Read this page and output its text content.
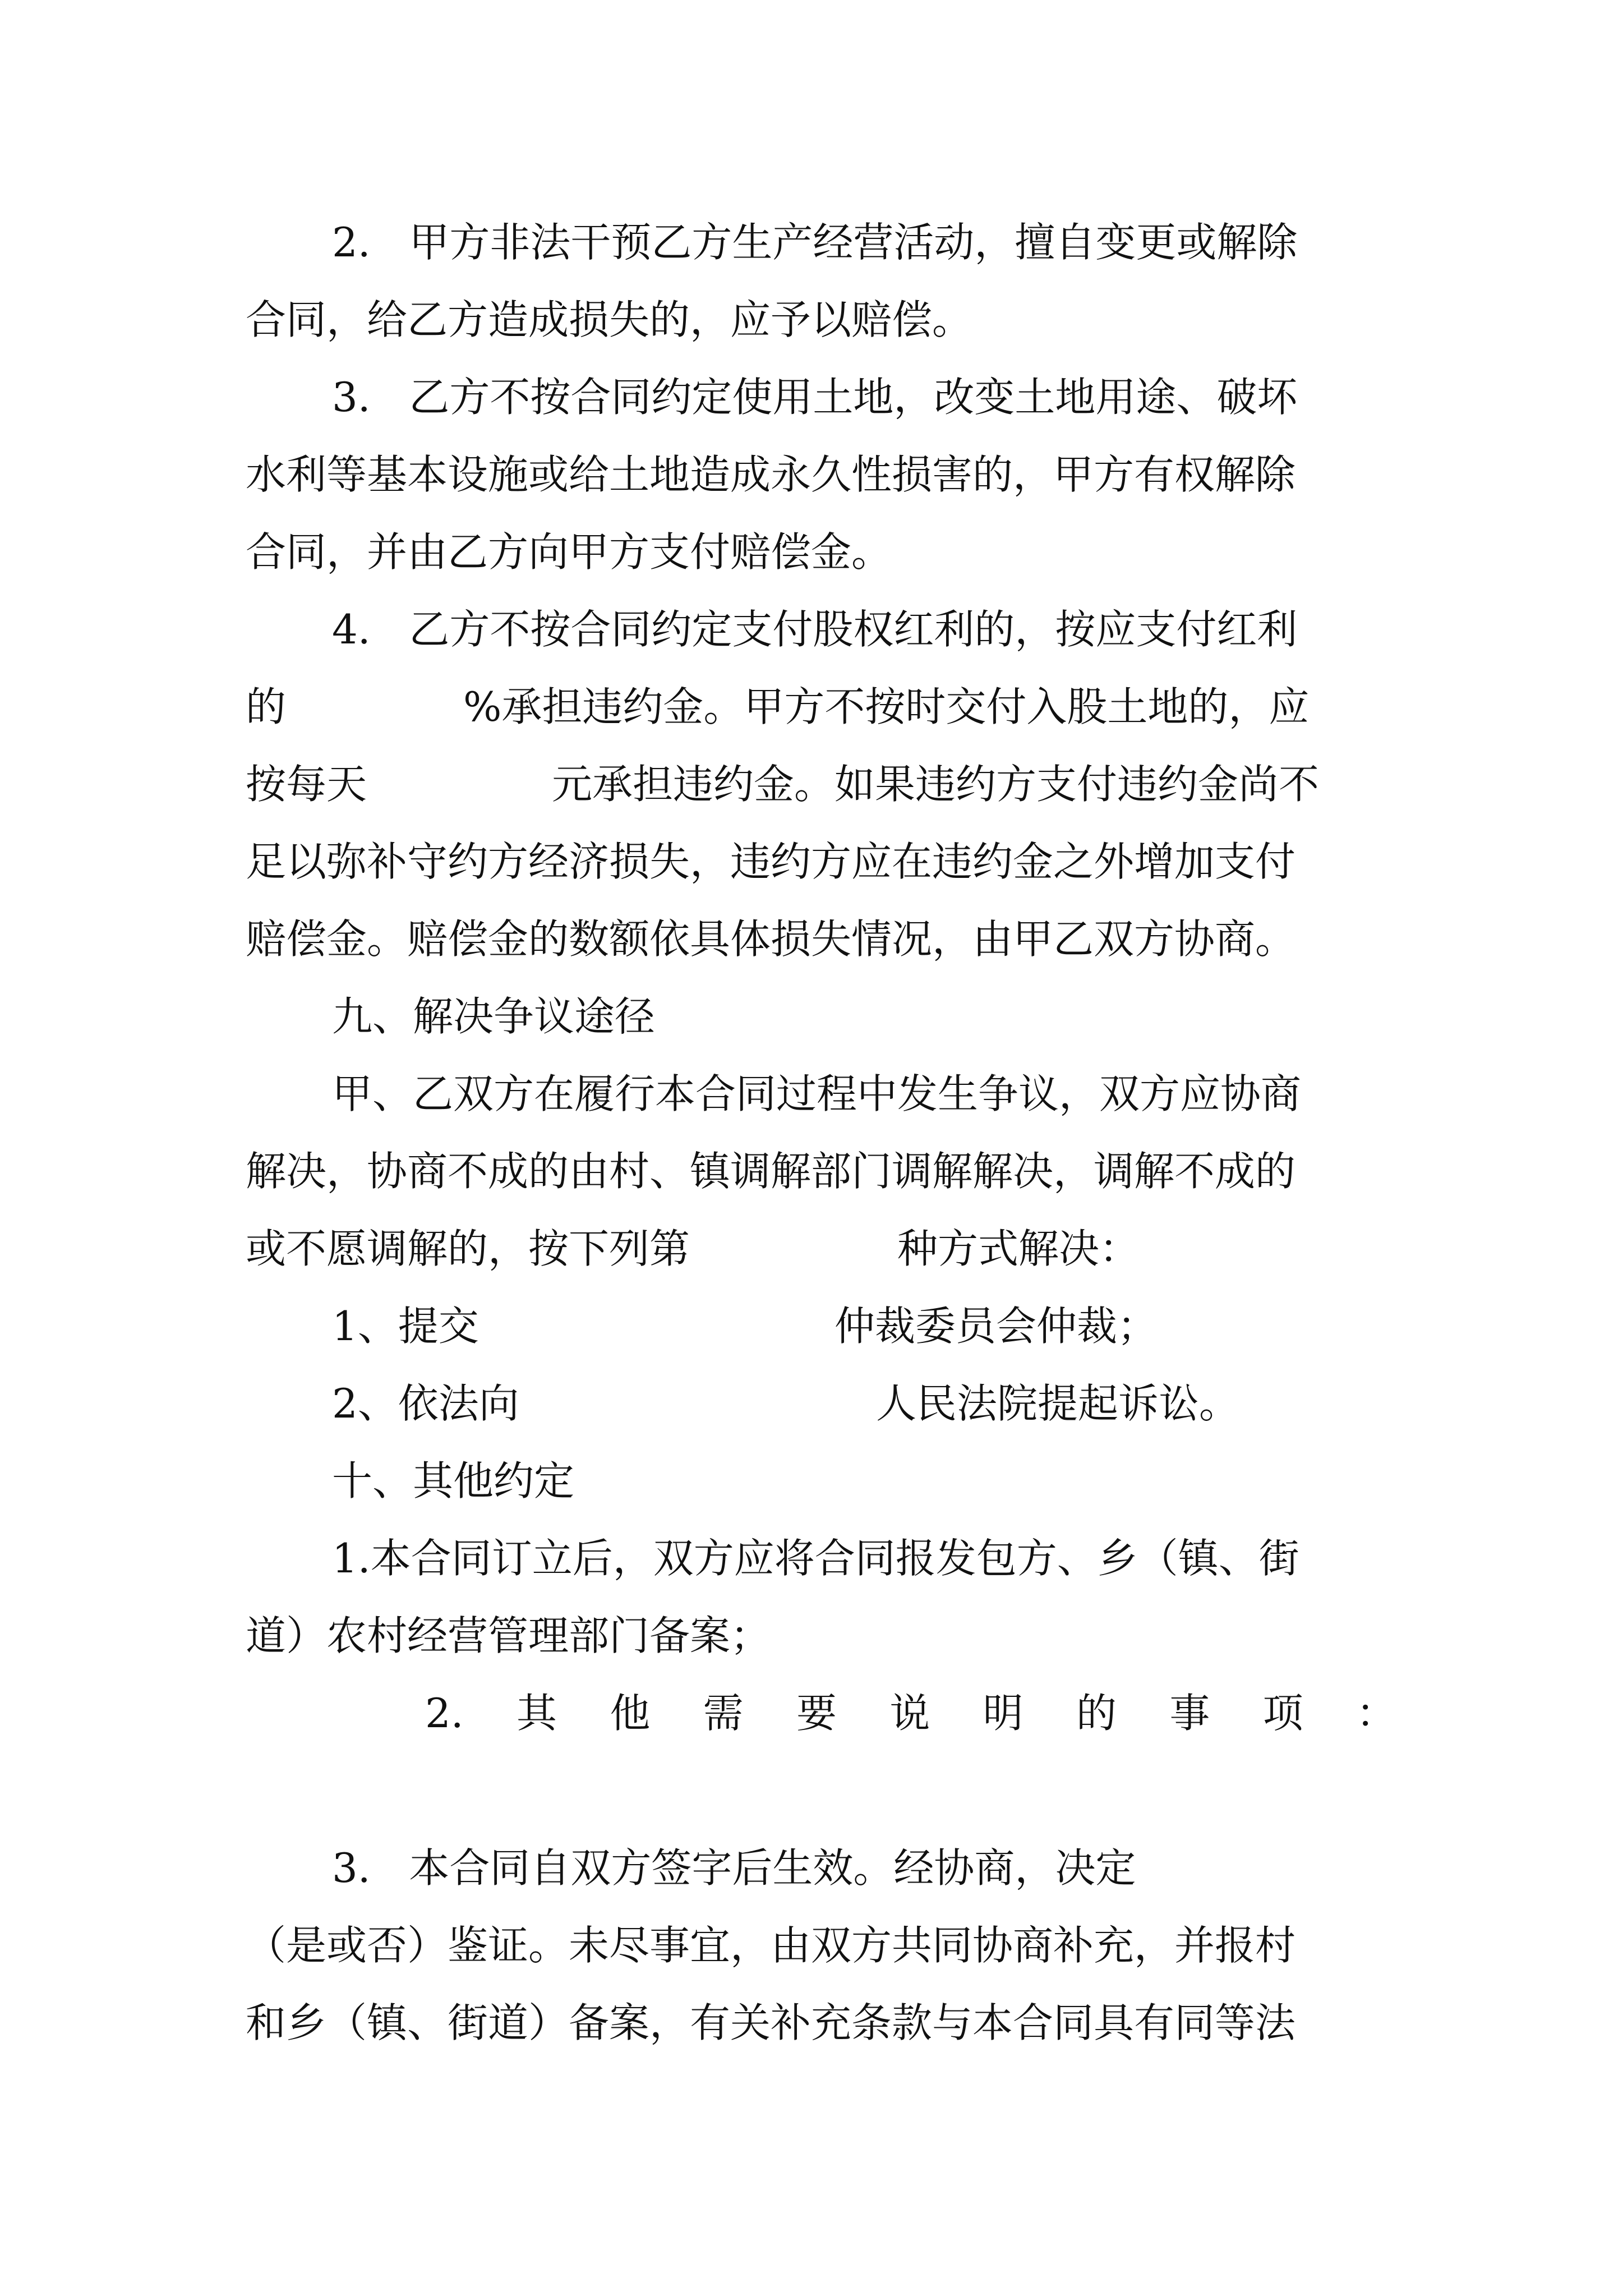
2.   甲方非法干预乙方生产经营活动，擅自变更或解除
合同，给乙方造成损失的，应予以赔偿。
3.   乙方不按合同约定使用土地，改变土地用途、破坏
水利等基本设施或给土地造成永久性损害的，甲方有权解除
合同，并由乙方向甲方支付赔偿金。
4.   乙方不按合同约定支付股权红利的，按应支付红利
的	%承担违约金。甲方不按时交付入股土地的，应
按每天	元承担违约金。如果违约方支付违约金尚不
足以弥补守约方经济损失，违约方应在违约金之外增加支付
赔偿金。赔偿金的数额依具体损失情况，由甲乙双方协商。
九、解决争议途径
甲、乙双方在履行本合同过程中发生争议，双方应协商
解决，协商不成的由村、镇调解部门调解解决，调解不成的
或不愿调解的，按下列第	种方式解决：
1、提交	仲裁委员会仲裁；
2、依法向	人民法院提起诉讼。
十、其他约定
1.本合同订立后，双方应将合同报发包方、乡（镇、街
道）农村经营管理部门备案；
2. 其 他 需 要 说 明 的 事 项 ：
3.   本合同自双方签字后生效。经协商，决定
（是或否）鉴证。未尽事宜，由双方共同协商补充，并报村
和乡（镇、街道）备案，有关补充条款与本合同具有同等法
